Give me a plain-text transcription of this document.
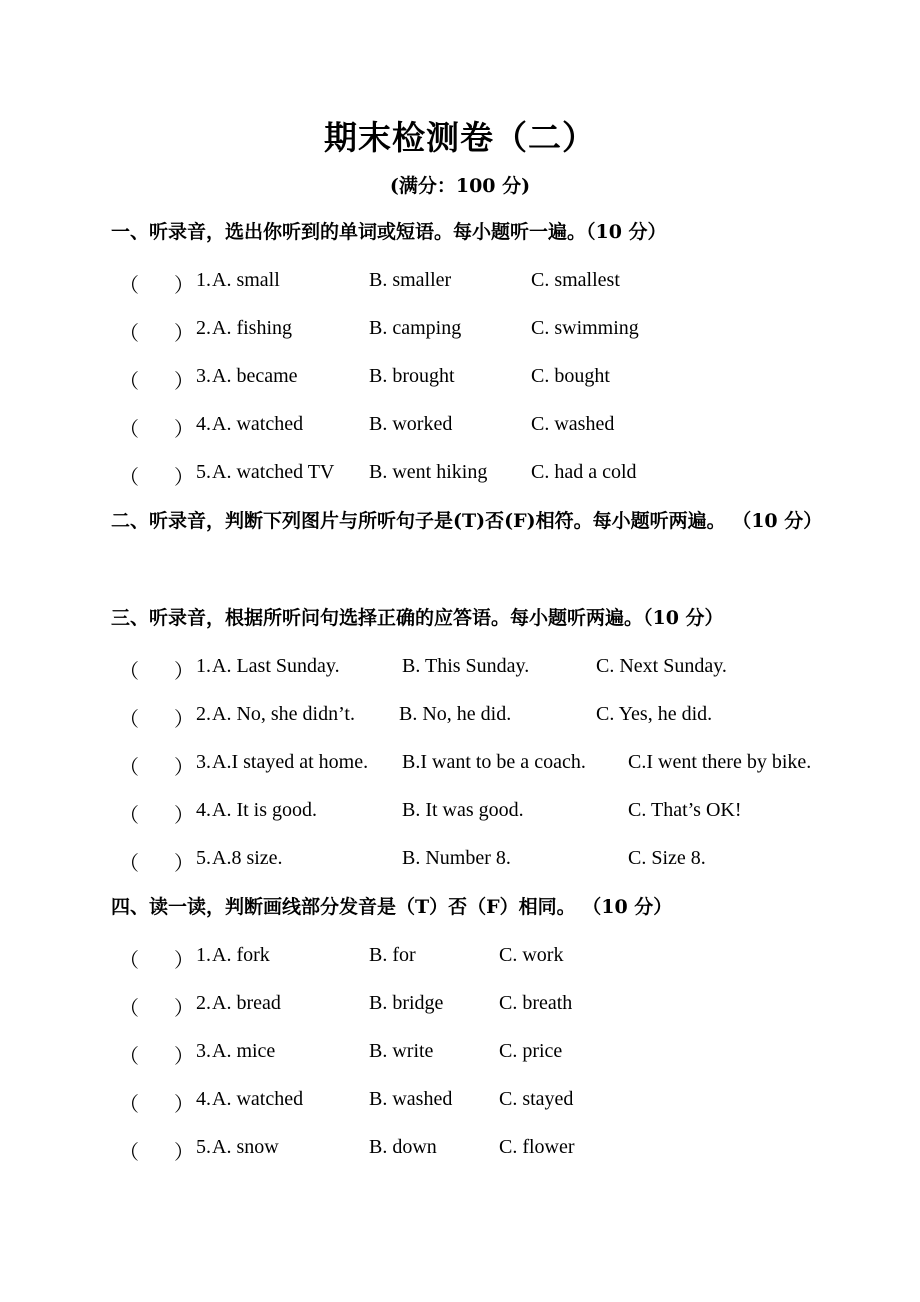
期末检测卷（二）
(满分：100 分)
一、听录音，选出你听到的单词或短语。每小题听一遍。（10 分）
（ ） 1. A. small	B. smaller	C. smallest
（ ） 2. A. fishing	B. camping	C. swimming
（ ） 3. A. became	B. brought	C. bought
（ ） 4. A. watched	B. worked	C. washed
（ ） 5. A. watched TV B. went hiking C. had a cold
二、听录音，判断下列图片与所听句子是(T)否(F)相符。每小题听两遍。 （10 分）
三、听录音，根据所听问句选择正确的应答语。每小题听两遍。（10 分）
（ ） 1. A. Last Sunday.	B. This Sunday.	C. Next Sunday.
（ ） 2. A. No, she didn’t. B. No, he did.	C. Yes, he did.
（ ） 3. A.I stayed at home. B.I want to be a coach. C.I went there by bike.
（ ） 4. A. It is good.	B. It was good.	C. That’s OK!
（ ） 5. A.8 size.	B. Number 8.	C. Size 8.
四、读一读，判断画线部分发音是（T）否（F）相同。 （10 分）
（ ） 1. A. fork	B. for	C. work
（ ） 2. A. bread	B. bridge	C. breath
（ ） 3. A. mice	B. write	C. price
（ ） 4. A. watched	B. washed C. stayed
（ ） 5. A. snow	B. down	C. flower
